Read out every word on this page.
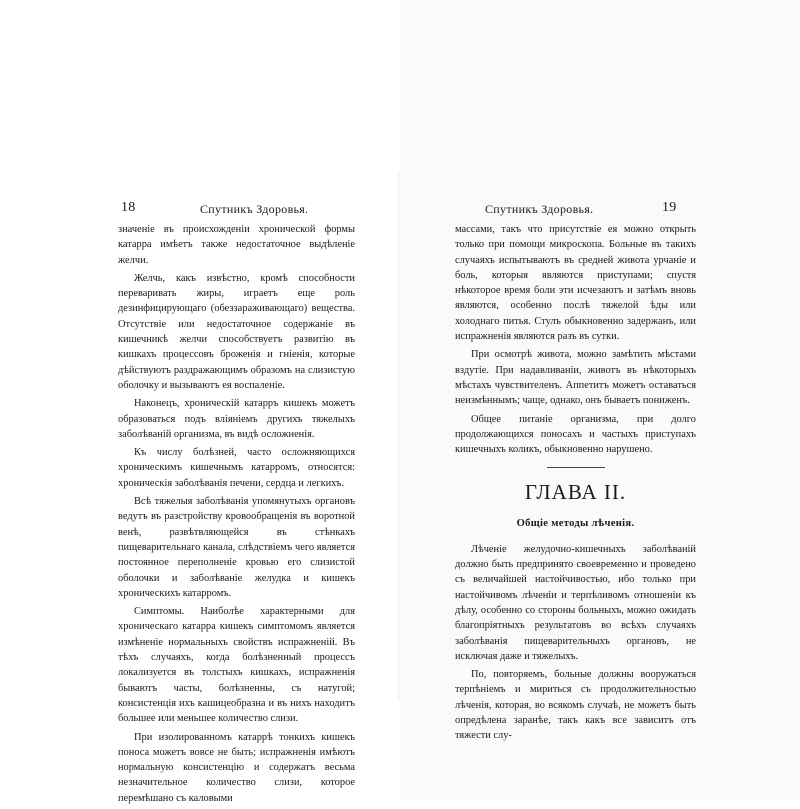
18	Спутникъ Здоровья.

значеніе въ происхожденіи хронической формы катарра имѣетъ также недостаточное выдѣленіе желчи.

Желчь, какъ извѣстно, кромѣ способности переваривать жиры, играетъ еще роль дезинфицирующаго (обеззараживающаго) вещества. Отсутствіе или недостаточное содержаніе въ кишечникѣ желчи способствуетъ развитію въ кишкахъ процессовъ броженія и гніенія, которые дѣйствуютъ раздражающимъ образомъ на слизистую оболочку и вызываютъ ея воспаленіе.

Наконецъ, хроническій катарръ кишекъ можетъ образоваться подъ вліяніемъ другихъ тяжелыхъ заболѣваній организма, въ видѣ осложненія.

Къ числу болѣзней, часто осложняющихся хроническимъ кишечнымъ катарромъ, относятся: хроническія заболѣванія печени, сердца и легкихъ.

Всѣ тяжелыя заболѣванія упомянутыхъ органовъ ведутъ въ разстройству кровообращенія въ воротной венѣ, развѣтвляющейся въ стѣнкахъ пищеварительнаго канала, слѣдствіемъ чего является постоянное переполненіе кровью его слизистой оболочки и заболѣваніе желудка и кишекъ хроническихъ катарромъ.

Симптомы. Наиболѣе характерными для хроническаго катарра кишекъ симптомомъ является измѣненіе нормальныхъ свойствъ испражненій. Въ тѣхъ случаяхъ, когда болѣзненный процессъ локализуется въ толстыхъ кишкахъ, испражненія бываютъ часты, болѣзненны, съ натугой; консистенція ихъ кашицеобразна и въ нихъ находитъ большее или меньшее количество слизи.

При изолированномъ катаррѣ тонкихъ кишекъ поноса можетъ вовсе не быть; испражненія имѣютъ нормальную консистенцію и содержатъ весьма незначительное количество слизи, которое перемѣшано съ каловыми

Спутникъ Здоровья.	19

массами, такъ что присутствіе ея можно открыть только при помощи микроскопа. Больные въ такихъ случаяхъ испытываютъ въ средней живота урчаніе и боль, которыя являются приступами; спустя нѣкоторое время боли эти исчезаютъ и затѣмъ вновь являются, особенно послѣ тяжелой ѣды или холоднаго питья. Стулъ обыкновенно задержанъ, или испражненія являются разъ въ сутки.

При осмотрѣ живота, можно замѣтить мѣстами вздутіе. При надавливаніи, животъ въ нѣкоторыхъ мѣстахъ чувствителенъ. Аппетитъ можетъ оставаться неизмѣннымъ; чаще, однако, онъ бываетъ пониженъ.

Общее питаніе организма, при долго продолжающихся поносахъ и частыхъ приступахъ кишечныхъ коликъ, обыкновенно нарушено.

ГЛАВА II.
Общіе методы лѣченія.

Лѣченіе желудочно-кишечныхъ заболѣваній должно быть предпринято своевременно и проведено съ величайшей настойчивостью, ибо только при настойчивомъ лѣченіи и терпѣливомъ отношеніи къ дѣлу, особенно со стороны больныхъ, можно ожидать благопріятныхъ результатовъ во всѣхъ случаяхъ заболѣванія пищеварительныхъ органовъ, не исключая даже и тяжелыхъ.

По, повторяемъ, больные должны вооружаться терпѣніемъ и мириться съ продолжительностью лѣченія, которая, во всякомъ случаѣ, не можетъ быть опредѣлена заранѣе, такъ какъ все зависитъ отъ тяжести слу-
